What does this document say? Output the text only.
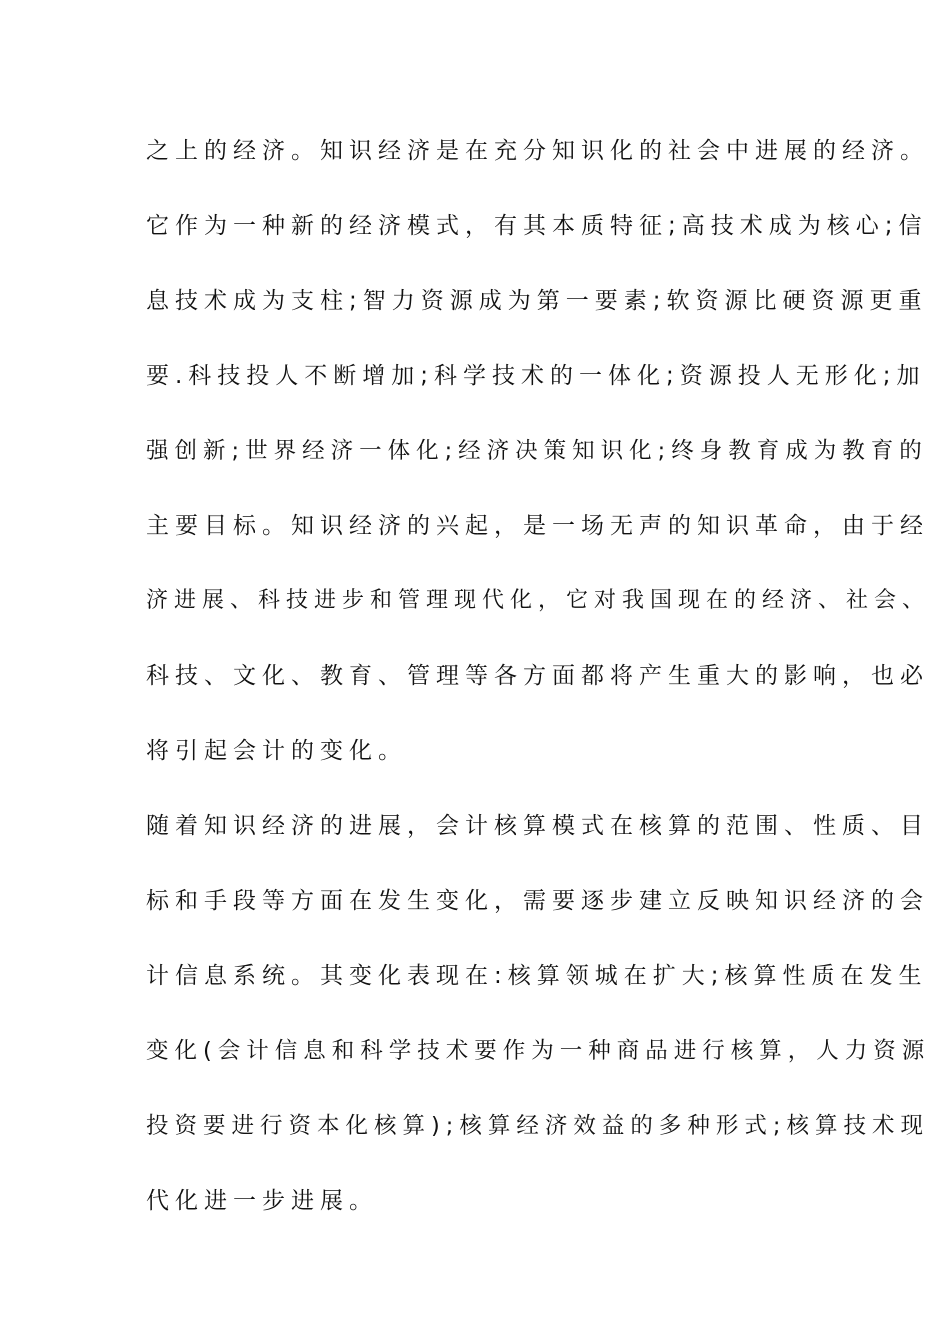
之上的经济。知识经济是在充分知识化的社会中进展的经济。

它作为一种新的经济模式，有其本质特征;高技术成为核心;信

息技术成为支柱;智力资源成为第一要素;软资源比硬资源更重

要.科技投人不断增加;科学技术的一体化;资源投人无形化;加

强创新;世界经济一体化;经济决策知识化;终身教育成为教育的

主要目标。知识经济的兴起，是一场无声的知识革命，由于经

济进展、科技进步和管理现代化，它对我国现在的经济、社会、

科技、文化、教育、管理等各方面都将产生重大的影响，也必

将引起会计的变化。

随着知识经济的进展，会计核算模式在核算的范围、性质、目

标和手段等方面在发生变化，需要逐步建立反映知识经济的会

计信息系统。其变化表现在:核算领城在扩大;核算性质在发生

变化(会计信息和科学技术要作为一种商品进行核算，人力资源

投资要进行资本化核算);核算经济效益的多种形式;核算技术现

代化进一步进展。
